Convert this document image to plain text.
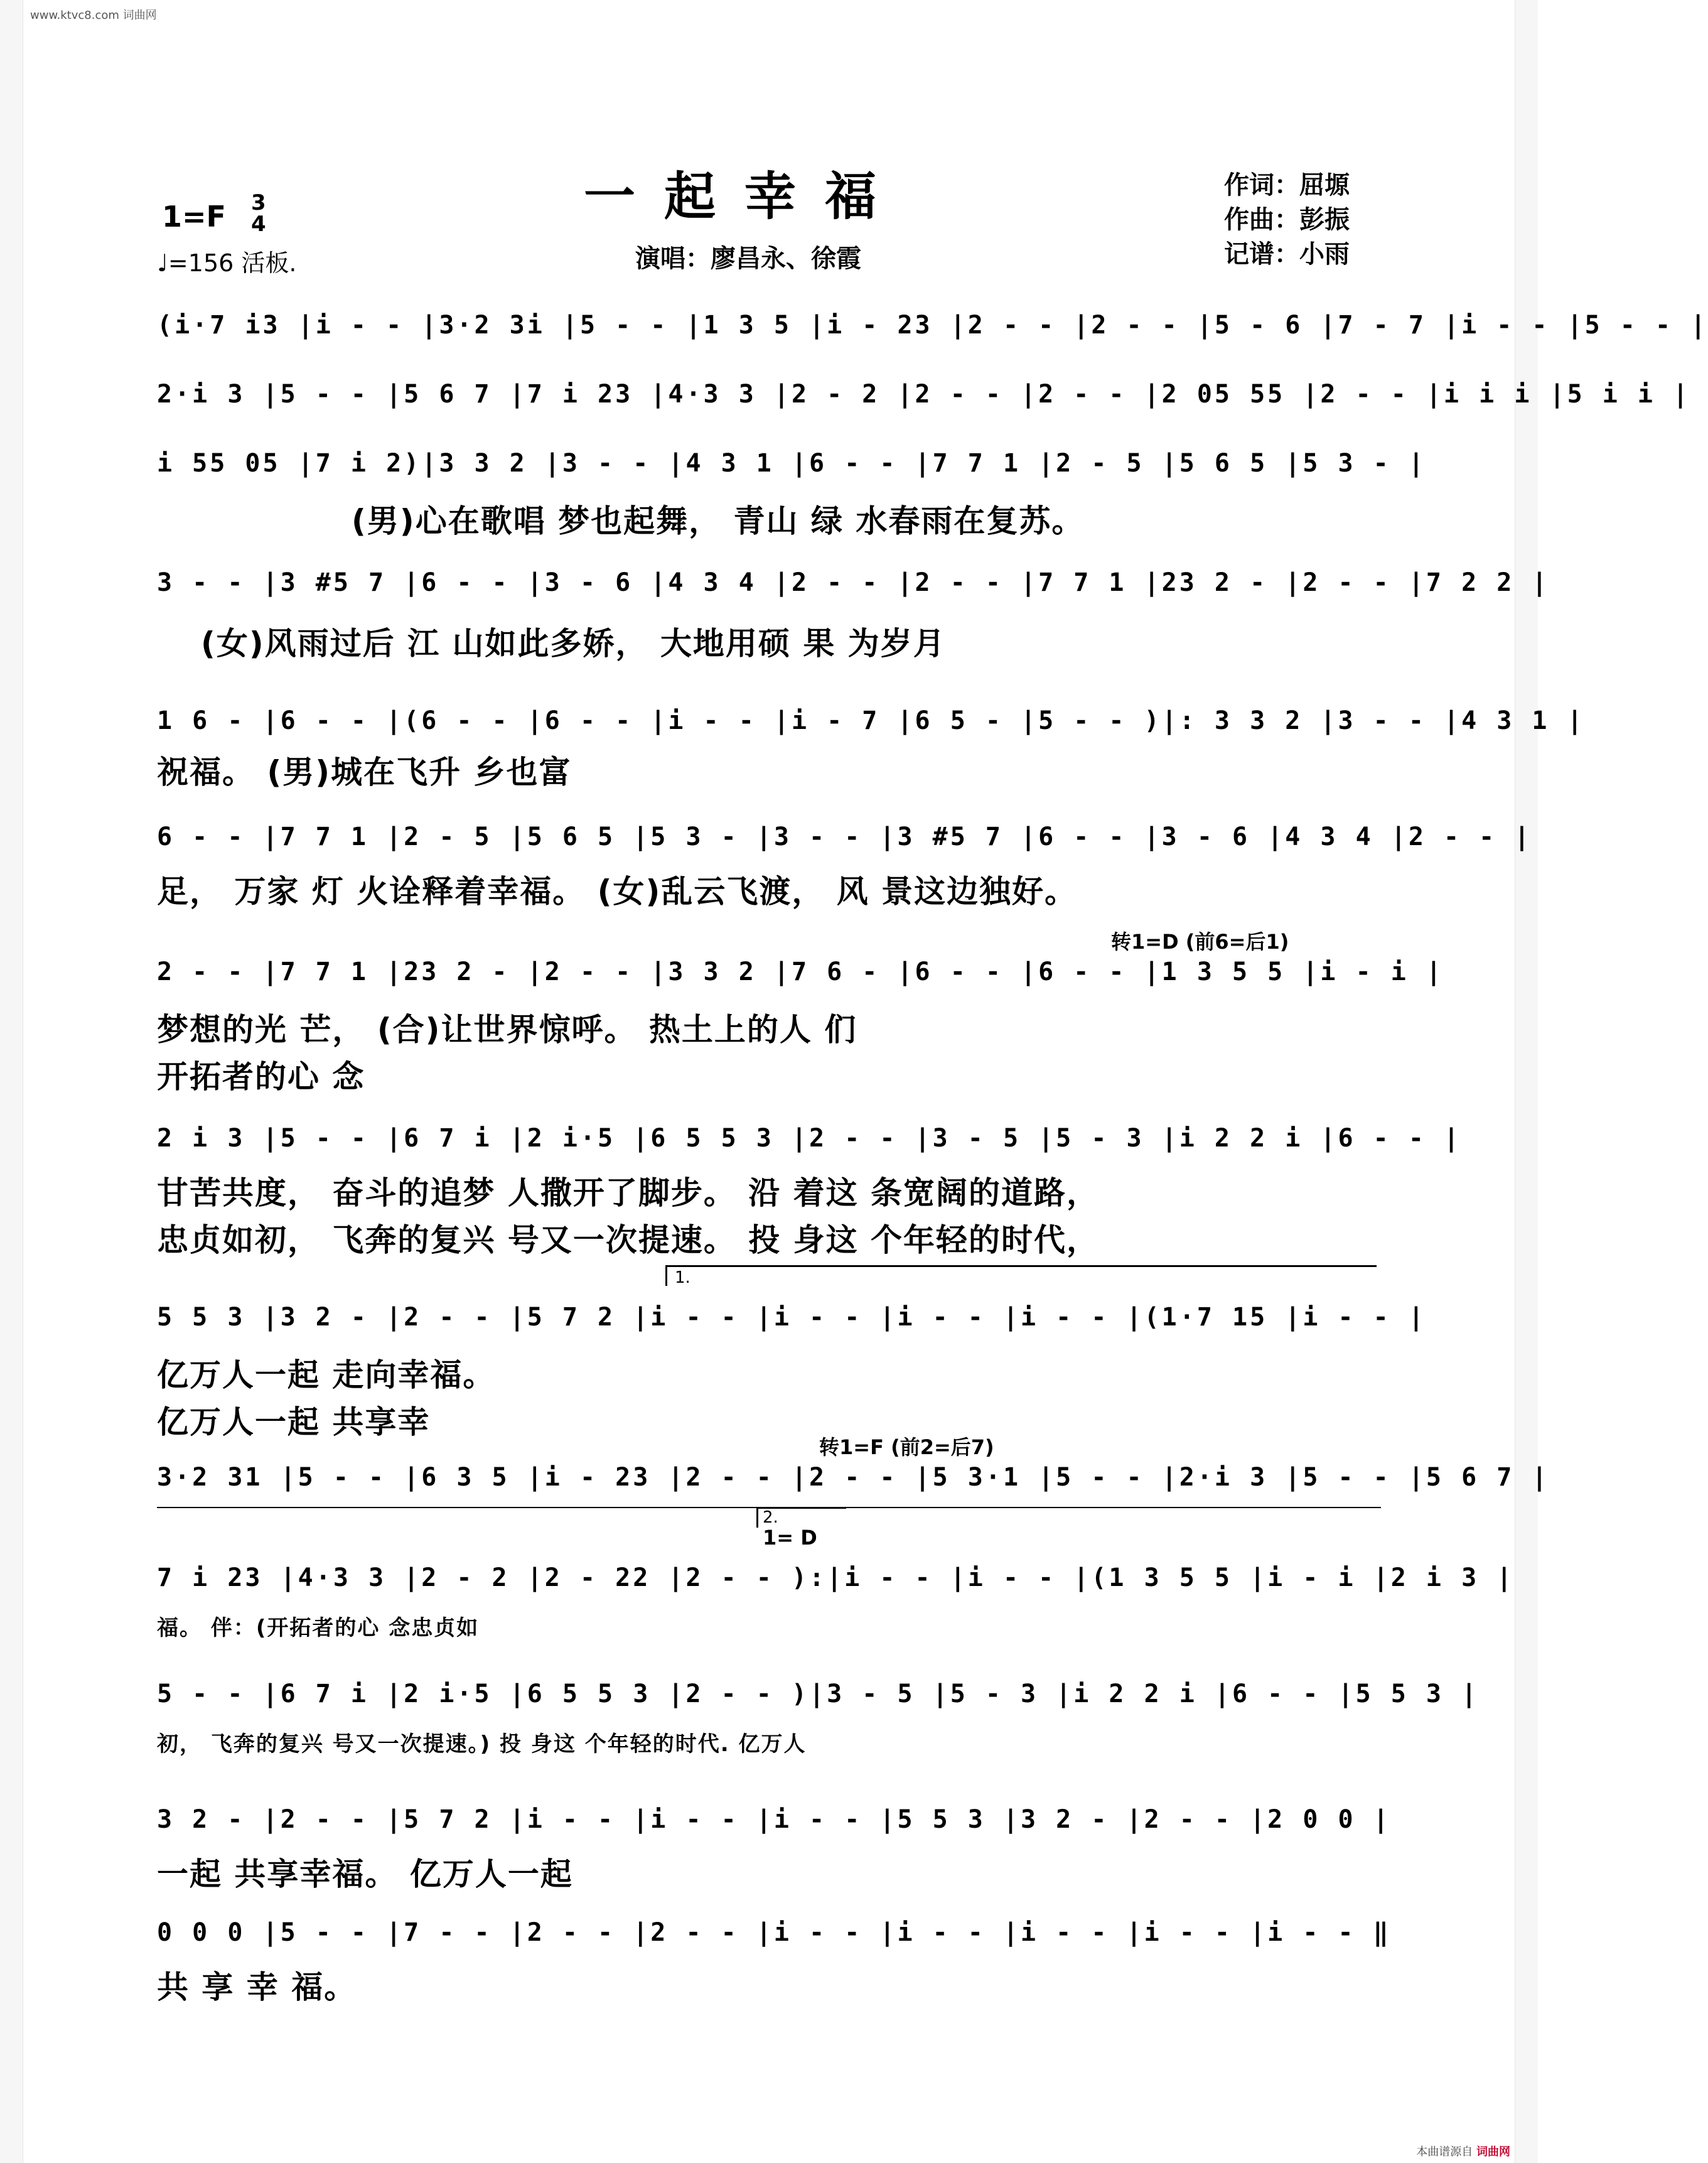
www.ktvc8.com 词曲网
一起幸福
1=F 3
4
♩=156 活板.	演唱：廖昌永、徐霞
作词：屈塬
作曲：彭振
记谱：小雨
(i·7 i3 |i - - |3·2 3i |5 - - |1 3 5 |i - 23 |2 - - |2 - - |5 - 6 |7 - 7 |i - - |5 - - |
2·i 3 |5 - - |5 6 7 |7 i 23 |4·3 3 |2 - 2 |2 - - |2 - - |2 05 55 |2 - - |i i i |5 i i |
i 55 05 |7 i 2)|3 3 2 |3 - - |4 3 1 |6 - - |7 7 1 |2 - 5 |5 6 5 |5 3 - |
(男)心在歌唱 梦也起舞， 青山 绿 水春雨在复苏。
3 - - |3 #5 7 |6 - - |3 - 6 |4 3 4 |2 - - |2 - - |7 7 1 |23 2 - |2 - - |7 2 2 |
(女)风雨过后 江 山如此多娇， 大地用硕 果 为岁月
1 6 - |6 - - |(6 - - |6 - - |i - - |i - 7 |6 5 - |5 - - )|: 3 3 2 |3 - - |4 3 1 |
祝福。 (男)城在飞升 乡也富
6 - - |7 7 1 |2 - 5 |5 6 5 |5 3 - |3 - - |3 #5 7 |6 - - |3 - 6 |4 3 4 |2 - - |
足， 万家 灯 火诠释着幸福。 (女)乱云飞渡， 风 景这边独好。
转1=D (前6=后1)
2 - - |7 7 1 |23 2 - |2 - - |3 3 2 |7 6 - |6 - - |6 - - |1 3 5 5 |i - i |
梦想的光 芒， (合)让世界惊呼。 热土上的人 们
开拓者的心 念
2 i 3 |5 - - |6 7 i |2 i·5 |6 5 5 3 |2 - - |3 - 5 |5 - 3 |i 2 2 i |6 - - |
甘苦共度， 奋斗的追梦 人撒开了脚步。 沿 着这 条宽阔的道路，
忠贞如初， 飞奔的复兴 号又一次提速。 投 身这 个年轻的时代，
1.
5 5 3 |3 2 - |2 - - |5 7 2 |i - - |i - - |i - - |i - - |(1·7 15 |i - - |
亿万人一起 走向幸福。
亿万人一起 共享幸
转1=F (前2=后7)
3·2 31 |5 - - |6 3 5 |i - 23 |2 - - |2 - - |5 3·1 |5 - - |2·i 3 |5 - - |5 6 7 |
2.
1= D
7 i 23 |4·3 3 |2 - 2 |2 - 22 |2 - - ):|i - - |i - - |(1 3 5 5 |i - i |2 i 3 |
福。 伴：(开拓者的心 念忠贞如
5 - - |6 7 i |2 i·5 |6 5 5 3 |2 - - )|3 - 5 |5 - 3 |i 2 2 i |6 - - |5 5 3 |
初， 飞奔的复兴 号又一次提速。) 投 身这 个年轻的时代. 亿万人
3 2 - |2 - - |5 7 2 |i - - |i - - |i - - |5 5 3 |3 2 - |2 - - |2 0 0 |
一起 共享幸福。 亿万人一起
0 0 0 |5 - - |7 - - |2 - - |2 - - |i - - |i - - |i - - |i - - |i - - ‖
共 享 幸 福。
本曲谱源自 词曲网
